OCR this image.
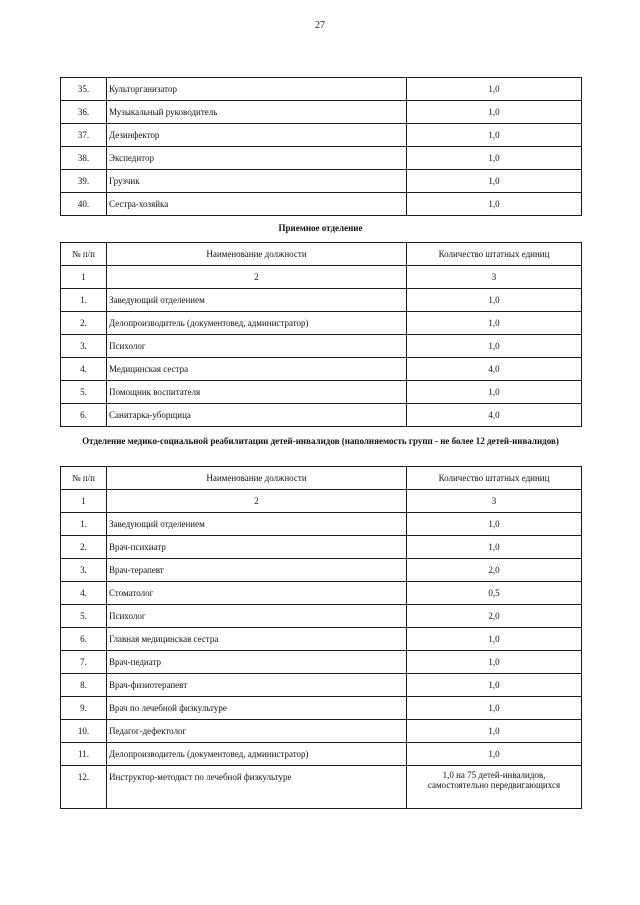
27
35.	Культорганизатор	1,0
36.	Музыкальный руководитель	1,0
37.	Дезинфектор	1,0
38.	Экспедитор	1,0
39.	Грузчик	1,0
40.	Сестра-хозяйка	1,0
Приемное отделение
№ п/п	Наименование должности	Количество штатных единиц
1	2	3
1.	Заведующий отделением	1,0
2.	Делопроизводитель (документовед, администратор)	1,0
3.	Психолог	1,0
4.	Медицинская сестра	4,0
5.	Помощник воспитателя	1,0
6.	Санитарка-уборщица	4,0
Отделение медико-социальной реабилитации детей-инвалидов (наполняемость групп - не более 12 детей-инвалидов)
№ п/п	Наименование должности	Количество штатных единиц
1	2	3
1.	Заведующий отделением	1,0
2.	Врач-психиатр	1,0
3.	Врач-терапевт	2,0
4.	Стоматолог	0,5
5.	Психолог	2,0
6.	Главная медицинская сестра	1,0
7.	Врач-педиатр	1,0
8.	Врач-физиотерапевт	1,0
9.	Врач по лечебной физкультуре	1,0
10.	Педагог-дефектолог	1,0
11.	Делопроизводитель (документовед, администратор)	1,0
12.	Инструктор-методист по лечебной физкультуре	1,0 на 75 детей-инвалидов,
самостоятельно передвигающихся
